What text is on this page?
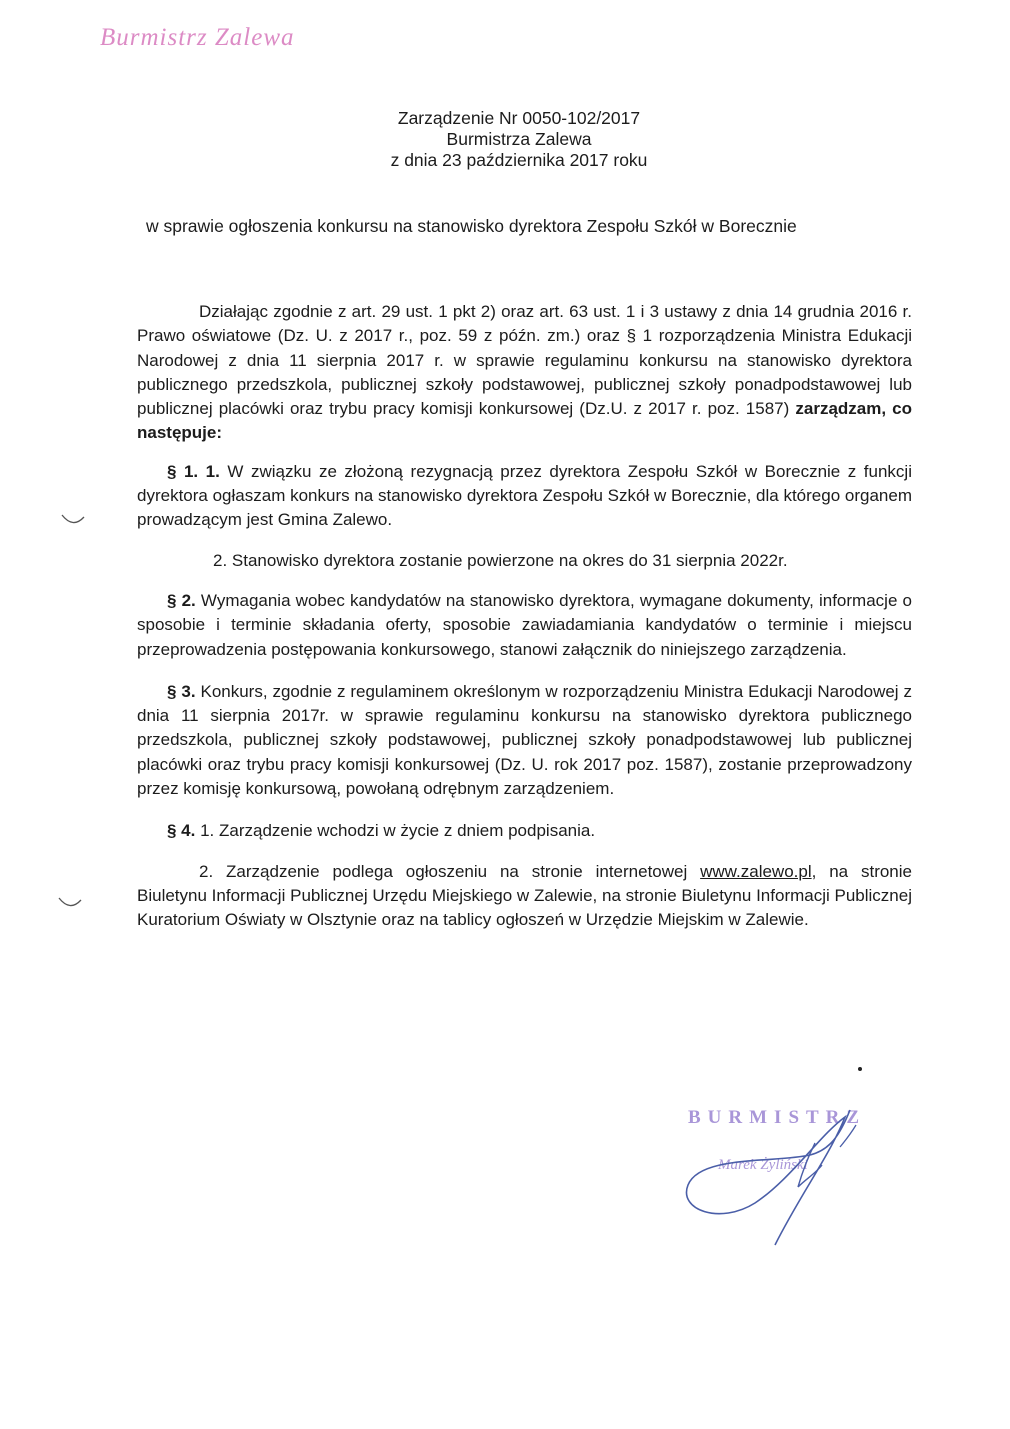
Burmistrz Zalewa
Zarządzenie Nr 0050-102/2017
Burmistrza Zalewa
z dnia 23 października 2017 roku
w sprawie ogłoszenia konkursu na stanowisko dyrektora Zespołu Szkół w Borecznie

Działając zgodnie z art. 29 ust. 1 pkt 2) oraz art. 63 ust. 1 i 3 ustawy z dnia 14 grudnia 2016 r. Prawo oświatowe (Dz. U. z 2017 r., poz. 59 z późn. zm.) oraz § 1 rozporządzenia Ministra Edukacji Narodowej z dnia 11 sierpnia 2017 r. w sprawie regulaminu konkursu na stanowisko dyrektora publicznego przedszkola, publicznej szkoły podstawowej, publicznej szkoły ponadpodstawowej lub publicznej placówki oraz trybu pracy komisji konkursowej (Dz.U. z 2017 r. poz. 1587) zarządzam, co następuje:

§ 1. 1. W związku ze złożoną rezygnacją przez dyrektora Zespołu Szkół w Borecznie z funkcji dyrektora ogłaszam konkurs na stanowisko dyrektora Zespołu Szkół w Borecznie, dla którego organem prowadzącym jest Gmina Zalewo.

2. Stanowisko dyrektora zostanie powierzone na okres do 31 sierpnia 2022r.

§ 2. Wymagania wobec kandydatów na stanowisko dyrektora, wymagane dokumenty, informacje o sposobie i terminie składania oferty, sposobie zawiadamiania kandydatów o terminie i miejscu przeprowadzenia postępowania konkursowego, stanowi załącznik do niniejszego zarządzenia.

§ 3. Konkurs, zgodnie z regulaminem określonym w rozporządzeniu Ministra Edukacji Narodowej z dnia 11 sierpnia 2017r. w sprawie regulaminu konkursu na stanowisko dyrektora publicznego przedszkola, publicznej szkoły podstawowej, publicznej szkoły ponadpodstawowej lub publicznej placówki oraz trybu pracy komisji konkursowej (Dz. U. rok 2017 poz. 1587), zostanie przeprowadzony przez komisję konkursową, powołaną odrębnym zarządzeniem.

§ 4. 1. Zarządzenie wchodzi w życie z dniem podpisania.

2. Zarządzenie podlega ogłoszeniu na stronie internetowej www.zalewo.pl, na stronie Biuletynu Informacji Publicznej Urzędu Miejskiego w Zalewie, na stronie Biuletynu Informacji Publicznej Kuratorium Oświaty w Olsztynie oraz na tablicy ogłoszeń w Urzędzie Miejskim w Zalewie.

BURMISTRZ
Marek Żyliński
